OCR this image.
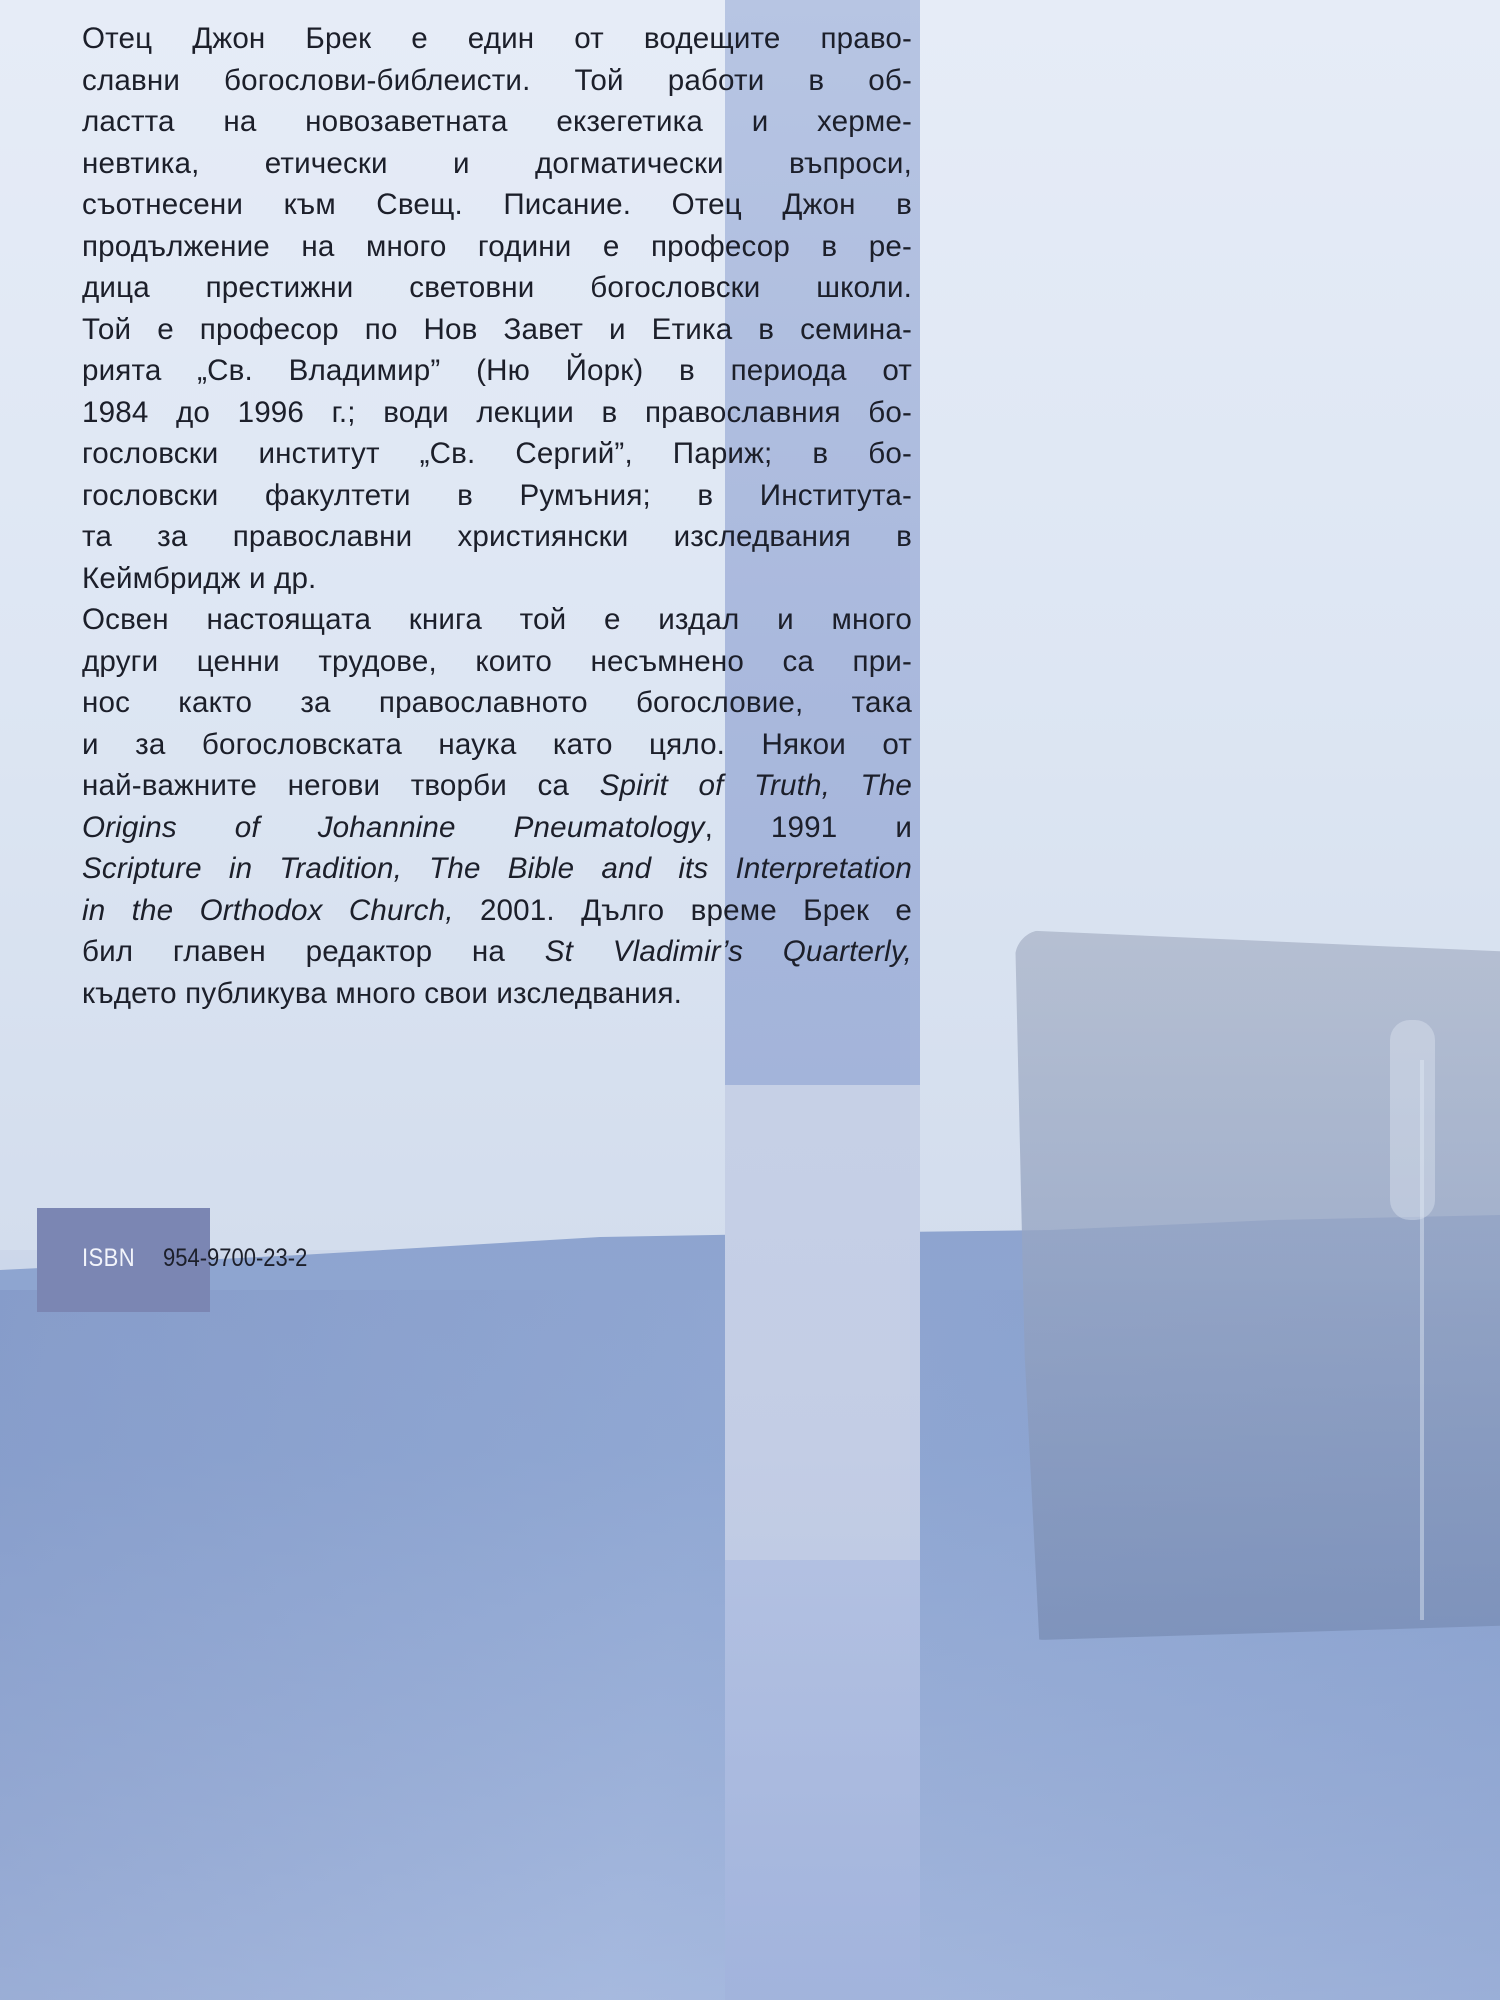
Отец Джон Брек е един от водещите право-
славни богослови-библеисти. Той работи в об-
ластта на новозаветната екзегетика и херме-
невтика, етически и догматически въпроси,
съотнесени към Свещ. Писание. Отец Джон в
продължение на много години е професор в ре-
дица престижни световни богословски школи.
Той е професор по Нов Завет и Етика в семина-
рията „Св. Владимир” (Ню Йорк) в периода от
1984 до 1996 г.; води лекции в православния бо-
гословски институт „Св. Сергий”, Париж; в бо-
гословски факултети в Румъния; в Института-
та за православни християнски изследвания в
Кеймбридж и др.
Освен настоящата книга той е издал и много
други ценни трудове, които несъмнено са при-
нос както за православното богословие, така
и за богословската наука като цяло. Някои от
най-важните негови творби са Spirit of Truth, The
Origins of Johannine Pneumatology, 1991 и
Scripture in Tradition, The Bible and its Interpretation
in the Orthodox Church, 2001. Дълго време Брек е
бил главен редактор на St Vladimir’s Quarterly,
където публикува много свои изследвания.
ISBN 954-9700-23-2
